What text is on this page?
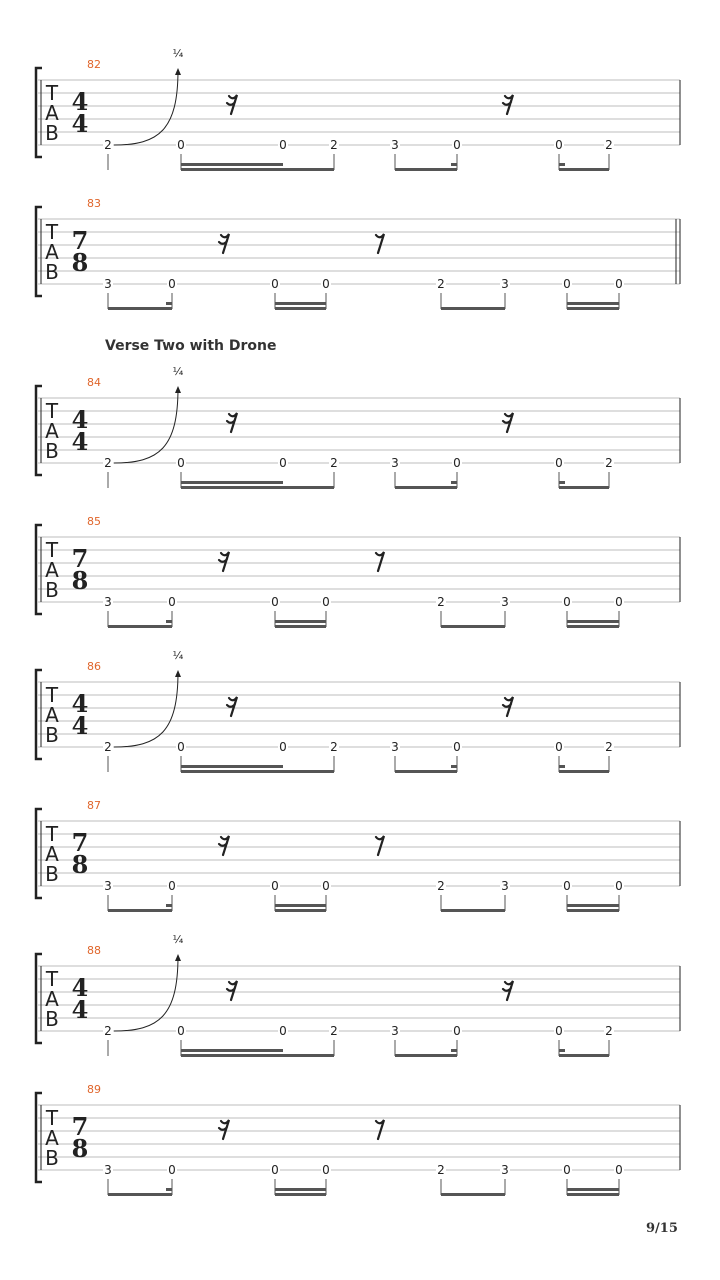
Verse Two with Drone
T
A
B
4
4
82
2	0	0	2	3	0	0	2
¼
T
A
B
7
8
83
3	0	0	0	2	3	0	0
T
A
B
4
4
84
2	0	0	2	3	0	0	2
¼
T
A
B
7
8
85
3	0	0	0	2	3	0	0
T
A
B
4
4
86
2	0	0	2	3	0	0	2
¼
T
A
B
7
8
87
3	0	0	0	2	3	0	0
T
A
B
4
4
88
2	0	0	2	3	0	0	2
¼
T
A
B
7
8
89
3	0	0	0	2	3	0	0
9/15
